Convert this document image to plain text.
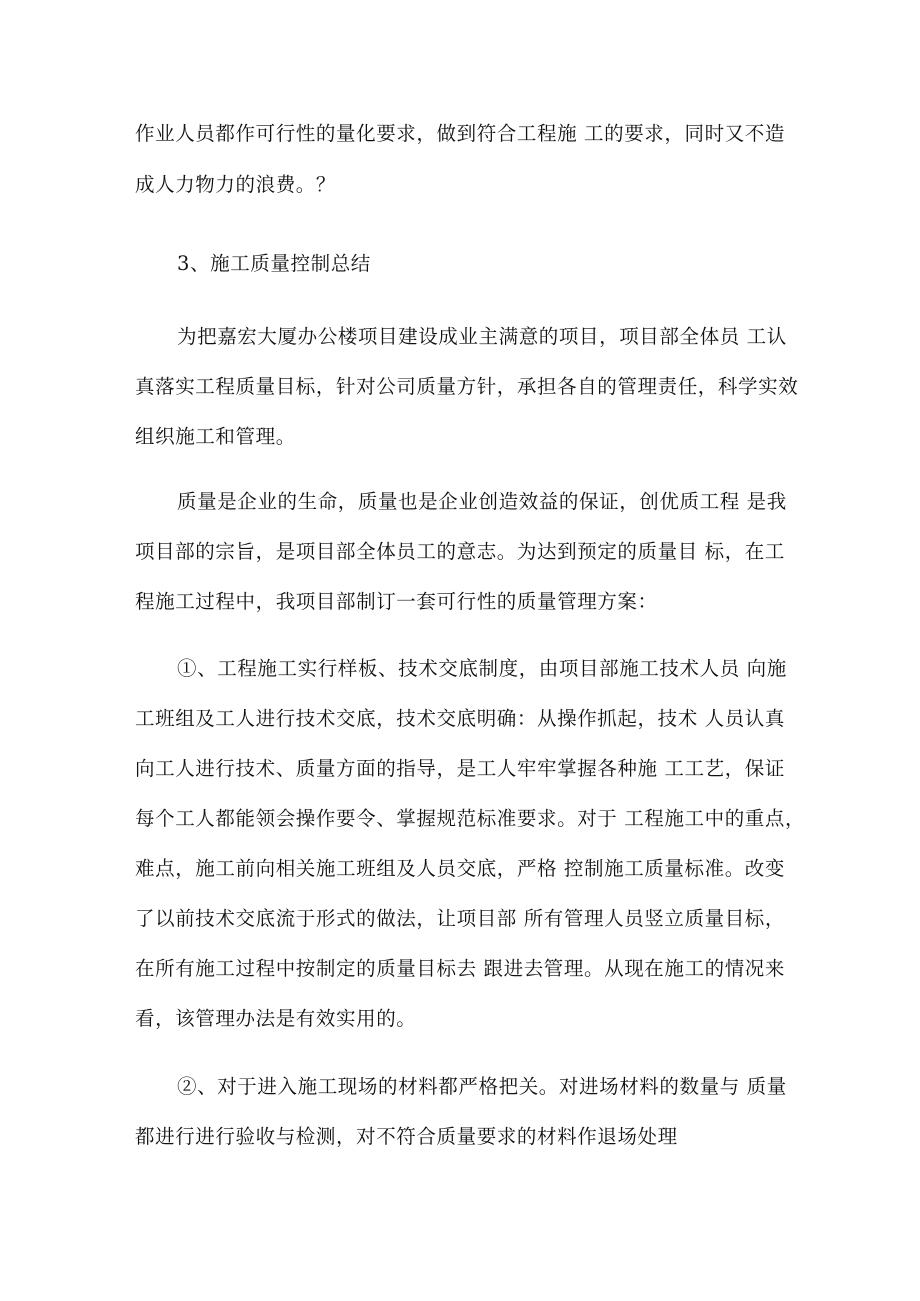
作业人员都作可行性的量化要求，做到符合工程施 工的要求，同时又不造
成人力物力的浪费。？
3、施工质量控制总结
为把嘉宏大厦办公楼项目建设成业主满意的项目，项目部全体员 工认
真落实工程质量目标，针对公司质量方针，承担各自的管理责任，科学实效
组织施工和管理。
质量是企业的生命，质量也是企业创造效益的保证，创优质工程 是我
项目部的宗旨，是项目部全体员工的意志。为达到预定的质量目 标，在工
程施工过程中，我项目部制订一套可行性的质量管理方案：
①、工程施工实行样板、技术交底制度，由项目部施工技术人员 向施
工班组及工人进行技术交底，技术交底明确：从操作抓起，技术 人员认真
向工人进行技术、质量方面的指导，是工人牢牢掌握各种施 工工艺，保证
每个工人都能领会操作要令、掌握规范标准要求。对于 工程施工中的重点，
难点，施工前向相关施工班组及人员交底，严格 控制施工质量标准。改变
了以前技术交底流于形式的做法，让项目部 所有管理人员竖立质量目标，
在所有施工过程中按制定的质量目标去 跟进去管理。从现在施工的情况来
看，该管理办法是有效实用的。
②、对于进入施工现场的材料都严格把关。对进场材料的数量与 质量
都进行进行验收与检测，对不符合质量要求的材料作退场处理
